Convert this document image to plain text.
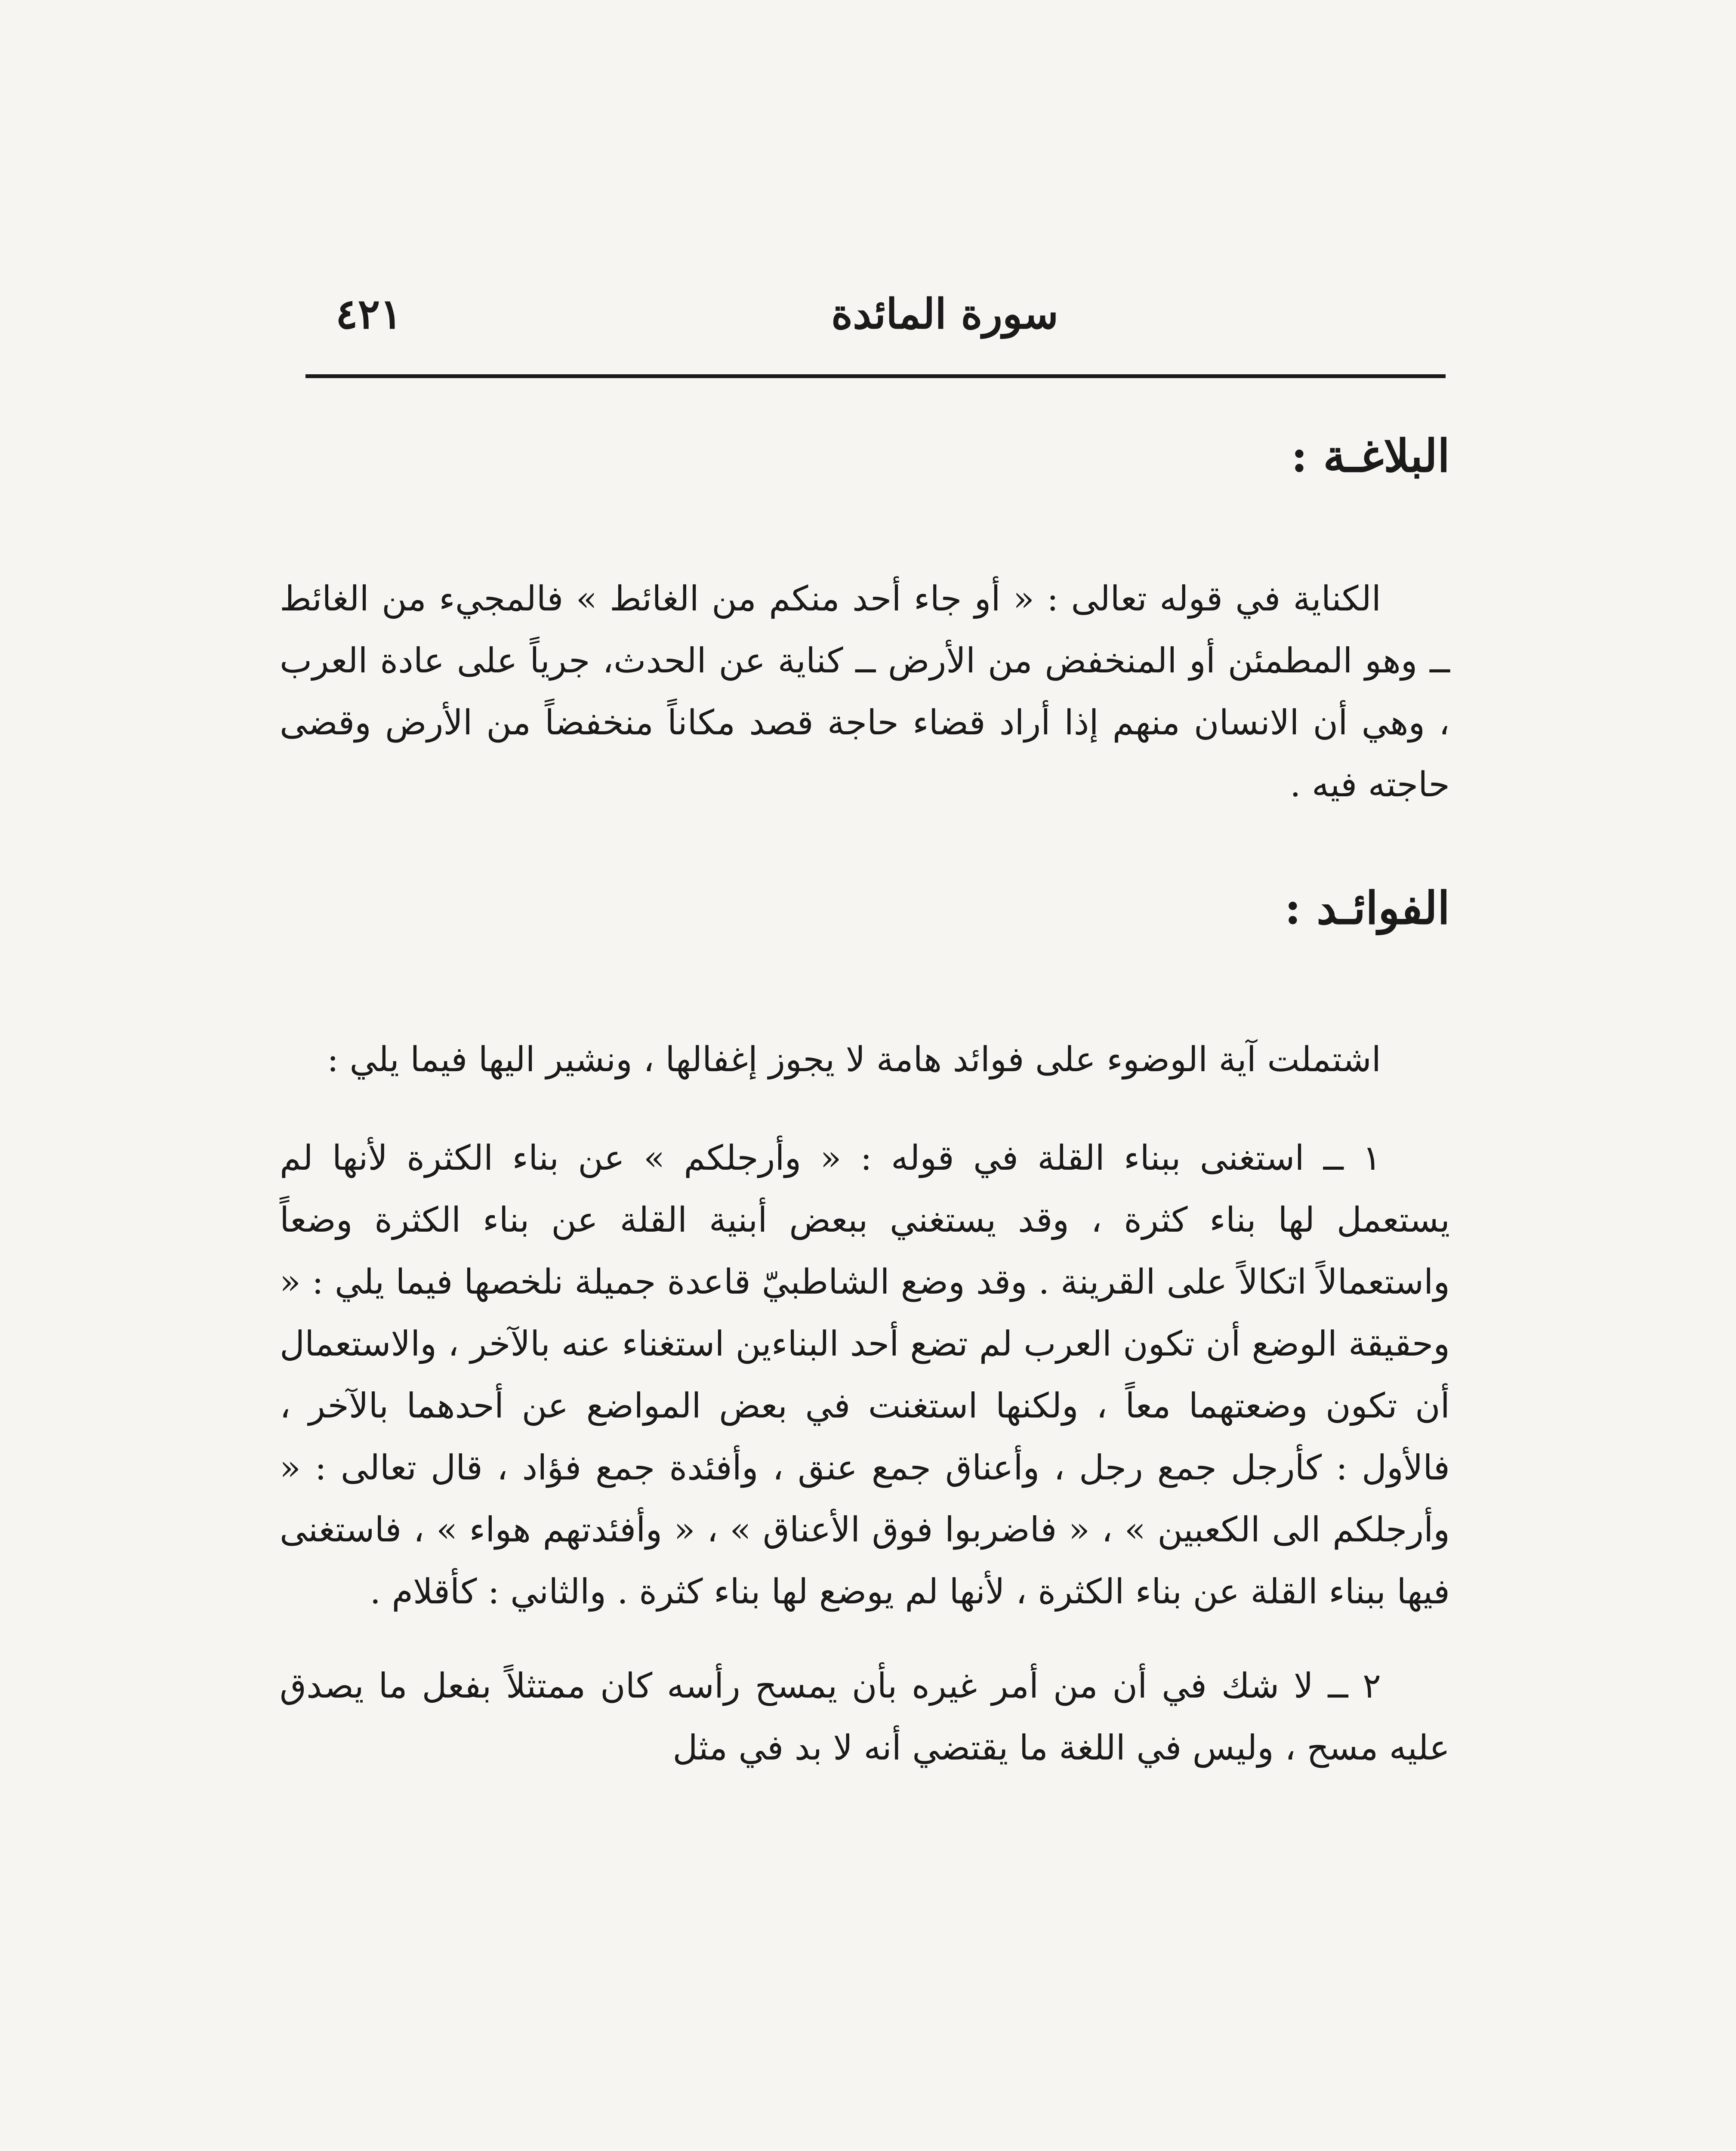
سورة المائدة
٤٢١
البلاغـة :

الكناية في قوله تعالى : « أو جاء أحد منكم من الغائط » فالمجيء من الغائط ــ وهو المطمئن أو المنخفض من الأرض ــ كناية عن الحدث، جرياً على عادة العرب ، وهي أن الانسان منهم إذا أراد قضاء حاجة قصد مكاناً منخفضاً من الأرض وقضى حاجته فيه .

الفوائـد :

اشتملت آية الوضوء على فوائد هامة لا يجوز إغفالها ، ونشير اليها فيما يلي :

١ ــ استغنى ببناء القلة في قوله : « وأرجلكم » عن بناء الكثرة لأنها لم يستعمل لها بناء كثرة ، وقد يستغني ببعض أبنية القلة عن بناء الكثرة وضعاً واستعمالاً اتكالاً على القرينة . وقد وضع الشاطبيّ قاعدة جميلة نلخصها فيما يلي : « وحقيقة الوضع أن تكون العرب لم تضع أحد البناءين استغناء عنه بالآخر ، والاستعمال أن تكون وضعتهما معاً ، ولكنها استغنت في بعض المواضع عن أحدهما بالآخر ، فالأول : كأرجل جمع رجل ، وأعناق جمع عنق ، وأفئدة جمع فؤاد ، قال تعالى : « وأرجلكم الى الكعبين » ، « فاضربوا فوق الأعناق » ، « وأفئدتهم هواء » ، فاستغنى فيها ببناء القلة عن بناء الكثرة ، لأنها لم يوضع لها بناء كثرة . والثاني : كأقلام .

٢ ــ لا شك في أن من أمر غيره بأن يمسح رأسه كان ممتثلاً بفعل ما يصدق عليه مسح ، وليس في اللغة ما يقتضي أنه لا بد في مثل
